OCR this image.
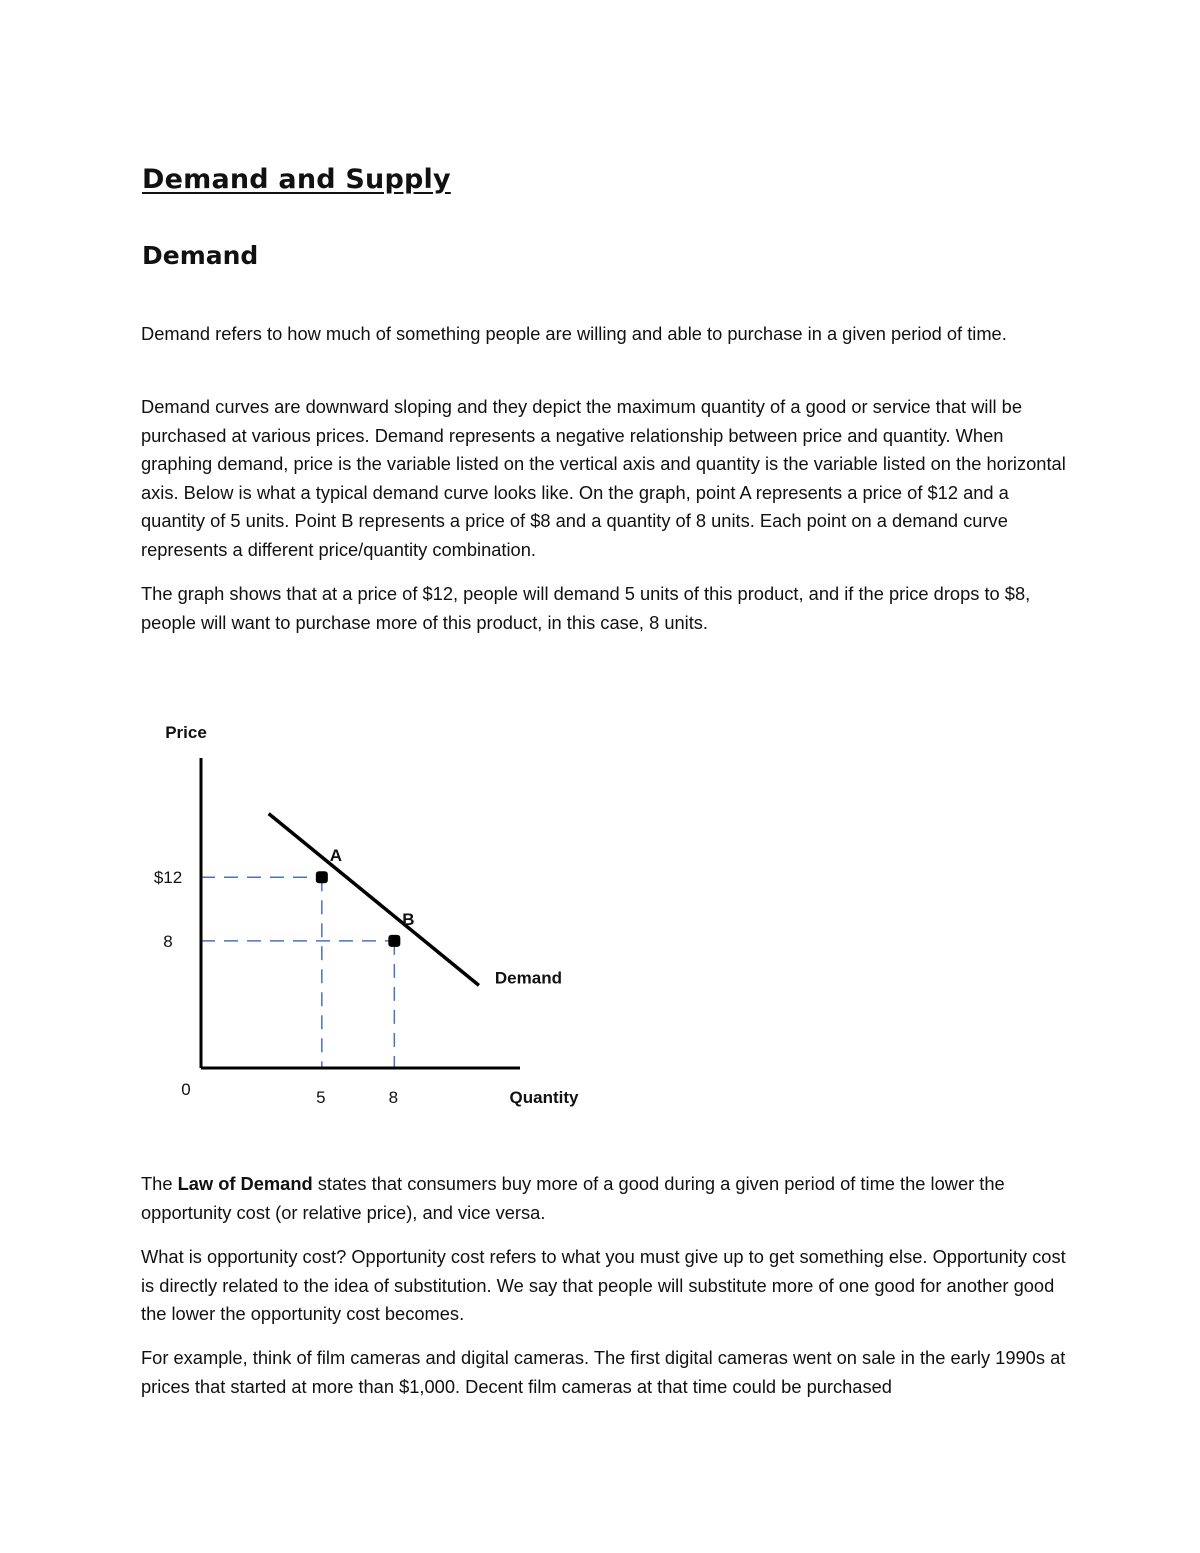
Demand and Supply
Demand

Demand refers to how much of something people are willing and able to purchase in a given period of time.

Demand curves are downward sloping and they depict the maximum quantity of a good or service that will be purchased at various prices. Demand represents a negative relationship between price and quantity. When graphing demand, price is the variable listed on the vertical axis and quantity is the variable listed on the horizontal axis. Below is what a typical demand curve looks like. On the graph, point A represents a price of $12 and a quantity of 5 units. Point B represents a price of $8 and a quantity of 8 units. Each point on a demand curve represents a different price/quantity combination.

The graph shows that at a price of $12, people will demand 5 units of this product, and if the price drops to $8, people will want to purchase more of this product, in this case, 8 units.

Price
Quantity
0
$12
5
8
8
Demand
A
B

The Law of Demand states that consumers buy more of a good during a given period of time the lower the opportunity cost (or relative price), and vice versa.

What is opportunity cost? Opportunity cost refers to what you must give up to get something else. Opportunity cost is directly related to the idea of substitution. We say that people will substitute more of one good for another good the lower the opportunity cost becomes.

For example, think of film cameras and digital cameras. The first digital cameras went on sale in the early 1990s at prices that started at more than $1,000. Decent film cameras at that time could be purchased
